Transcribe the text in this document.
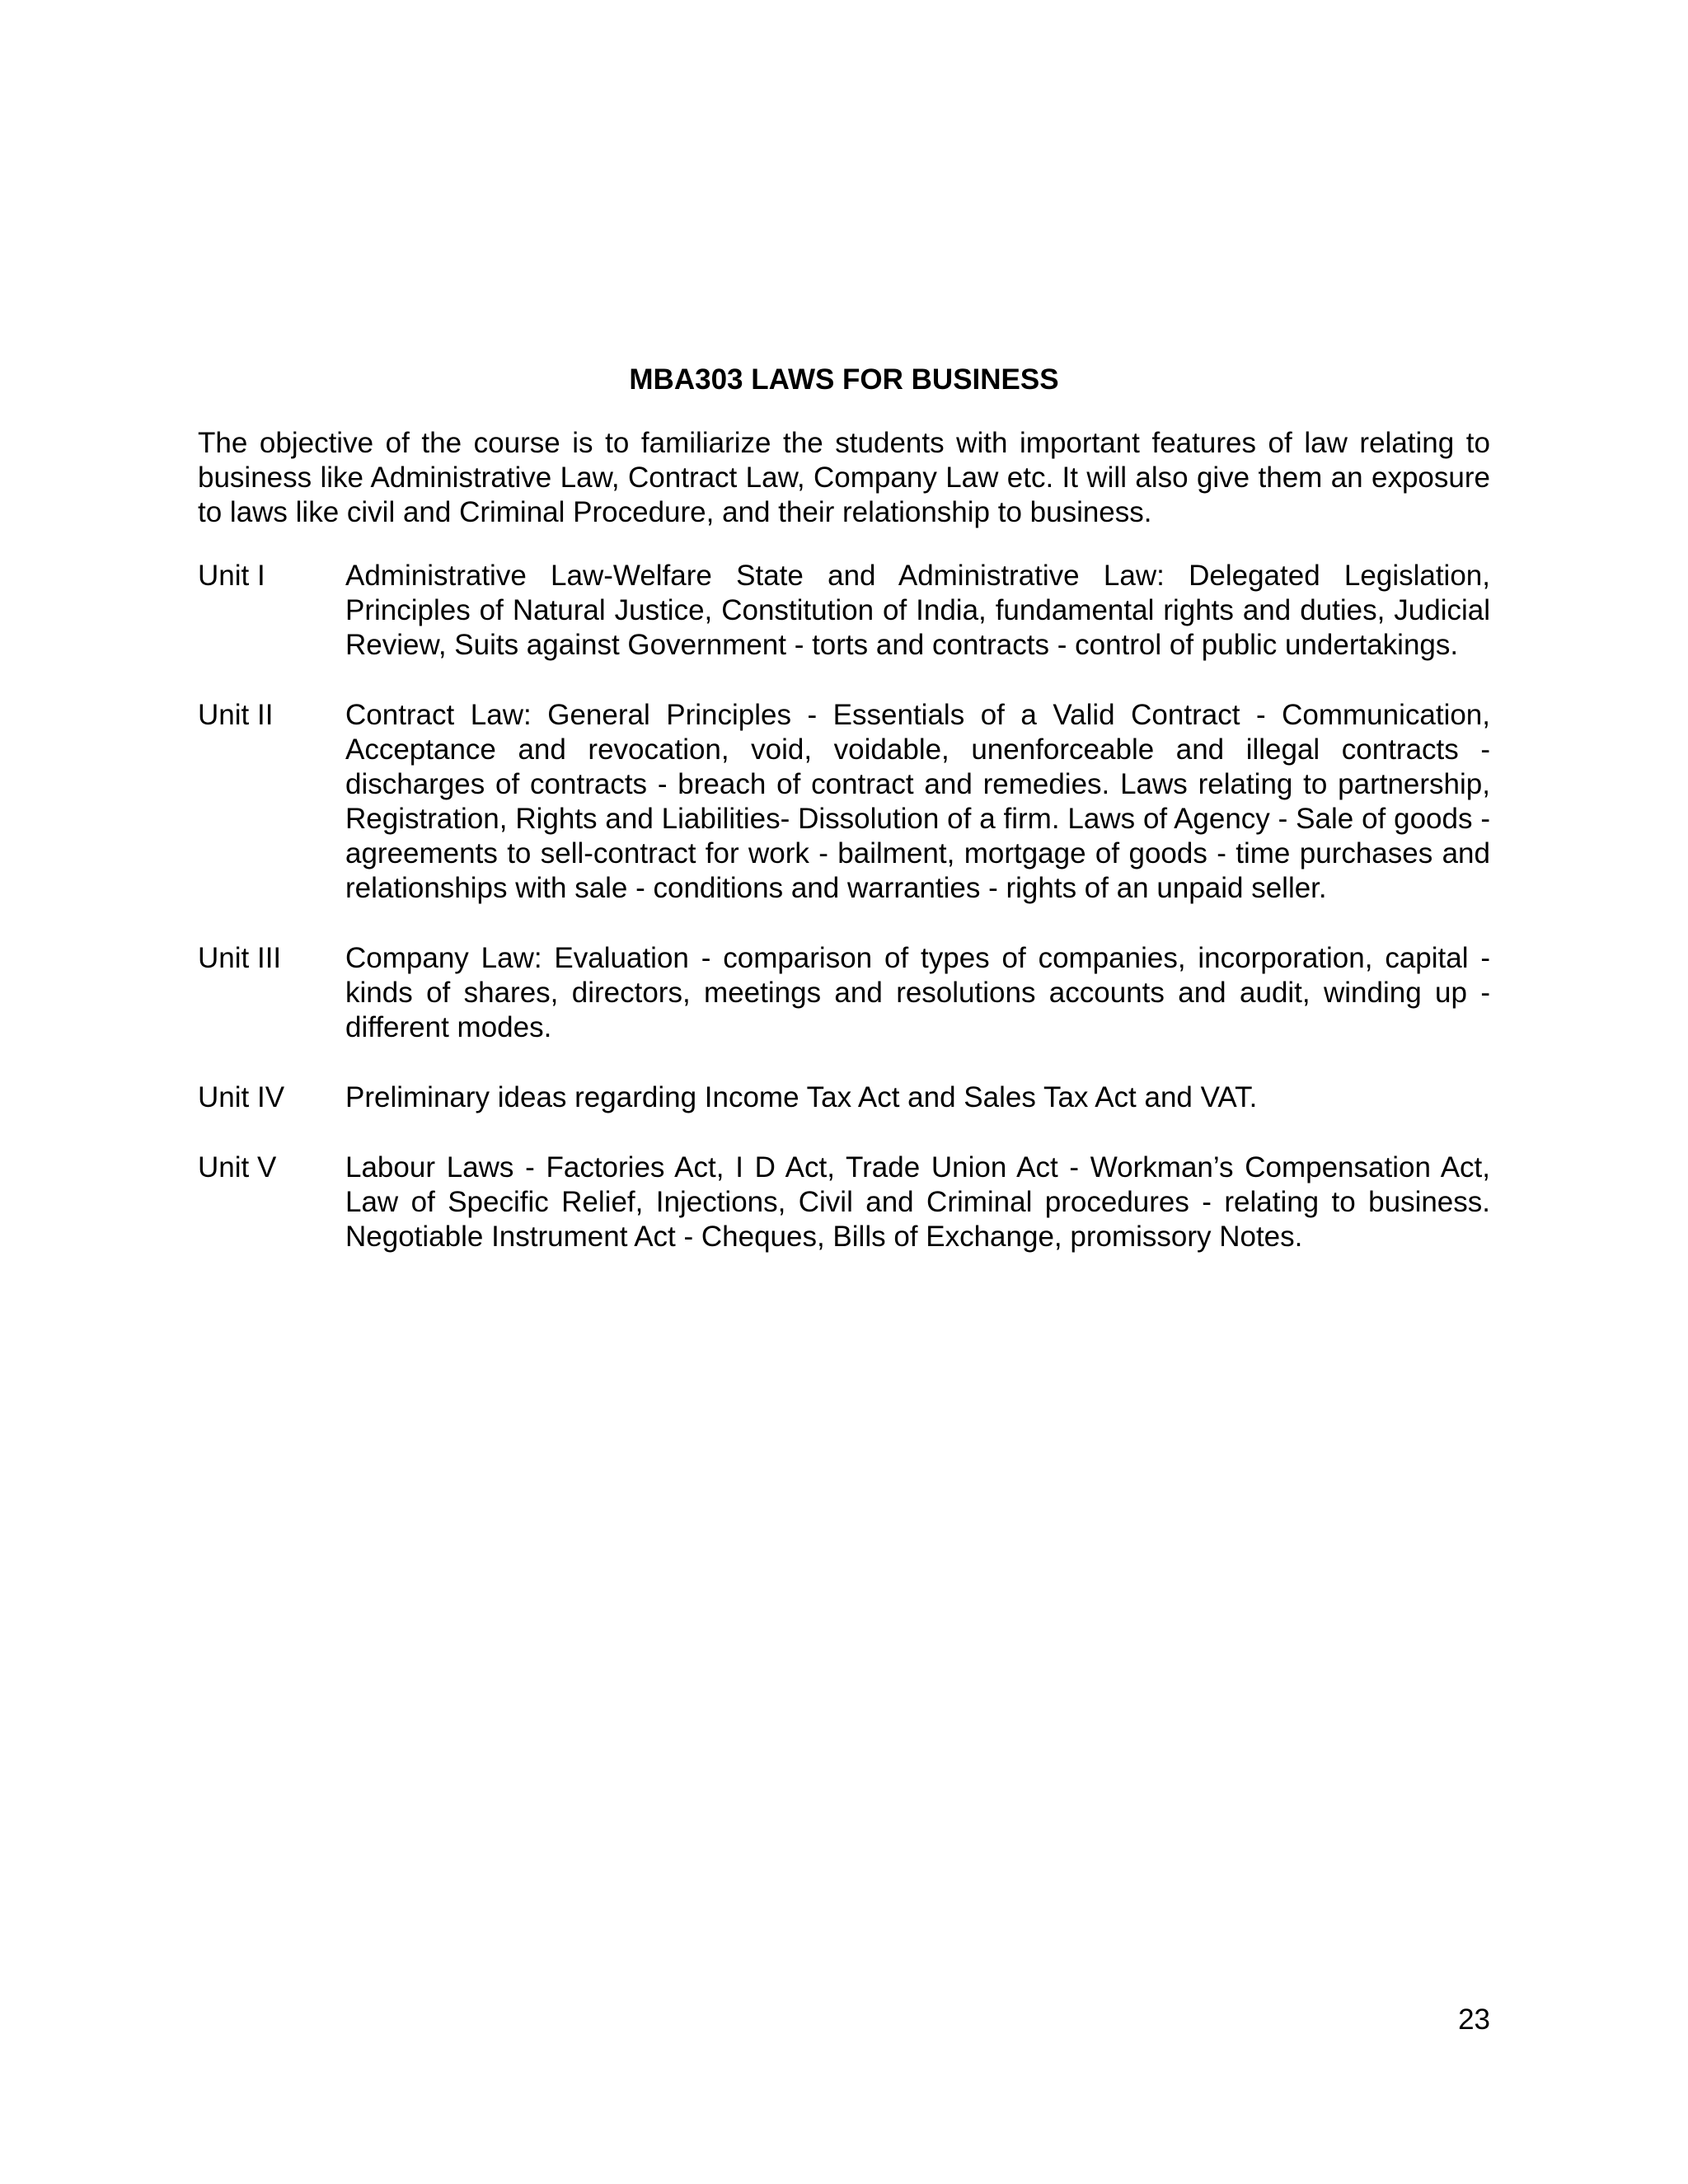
MBA303 LAWS FOR BUSINESS
The objective of the course is to familiarize the students with important features of law relating to business like Administrative Law, Contract Law, Company Law etc. It will also give them an exposure to laws like civil and Criminal Procedure, and their relationship to business.
Unit I	Administrative Law-Welfare State and Administrative Law: Delegated Legislation, Principles of Natural Justice, Constitution of India, fundamental rights and duties, Judicial Review, Suits against Government - torts and contracts - control of public undertakings.
Unit II	Contract Law: General Principles - Essentials of a Valid Contract - Communication, Acceptance and revocation, void, voidable, unenforceable and illegal contracts - discharges of contracts - breach of contract and remedies. Laws relating to partnership, Registration, Rights and Liabilities- Dissolution of a firm. Laws of Agency - Sale of goods - agreements to sell-contract for work - bailment, mortgage of goods - time purchases and relationships with sale - conditions and warranties - rights of an unpaid seller.
Unit III	Company Law: Evaluation - comparison of types of companies, incorporation, capital - kinds of shares, directors, meetings and resolutions accounts and audit, winding up - different modes.
Unit IV	Preliminary ideas regarding Income Tax Act and Sales Tax Act and VAT.
Unit V	Labour Laws - Factories Act, I D Act, Trade Union Act - Workman’s Compensation Act, Law of Specific Relief, Injections, Civil and Criminal procedures - relating to business. Negotiable Instrument Act - Cheques, Bills of Exchange, promissory Notes.
23
